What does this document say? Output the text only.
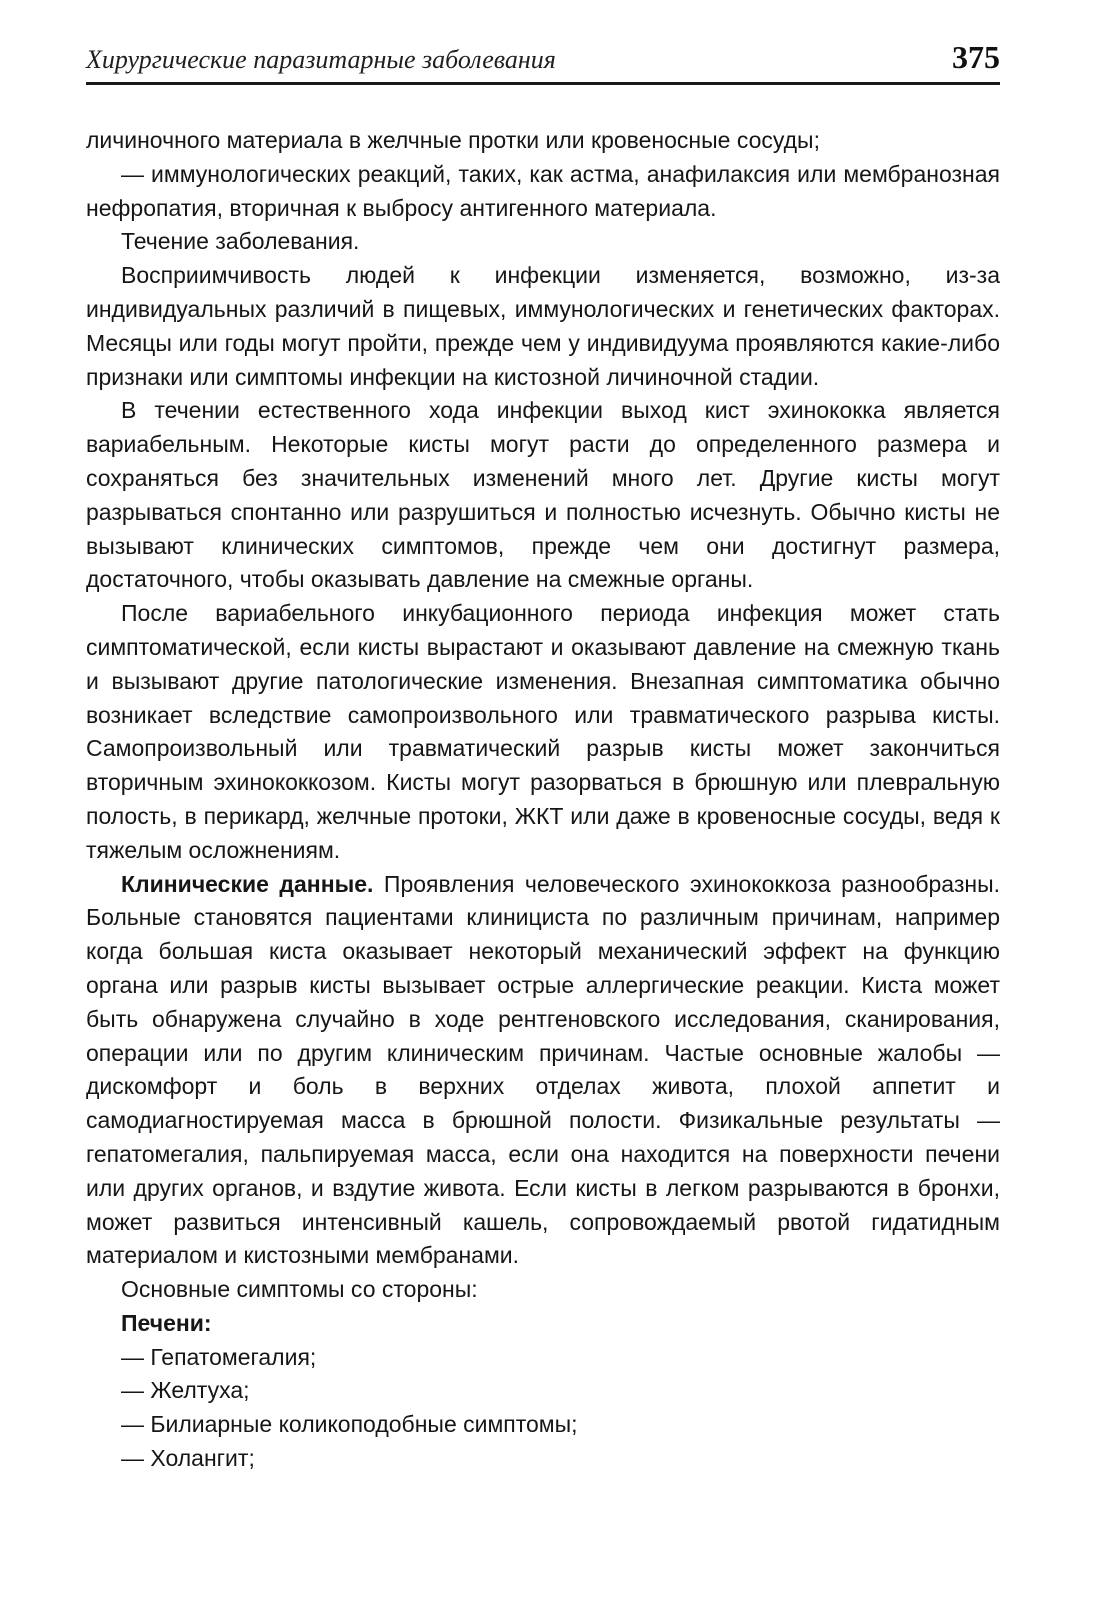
Хирургические паразитарные заболевания	375

личиночного материала в желчные протки или кровеносные сосуды;

— иммунологических реакций, таких, как астма, анафилаксия или мембранозная нефропатия, вторичная к выбросу антигенного материала.

Течение заболевания.

Восприимчивость людей к инфекции изменяется, возможно, из-за индивидуальных различий в пищевых, иммунологических и генетических факторах. Месяцы или годы могут пройти, прежде чем у индивидуума проявляются какие-либо признаки или симптомы инфекции на кистозной личиночной стадии.

В течении естественного хода инфекции выход кист эхинококка является вариабельным. Некоторые кисты могут расти до определенного размера и сохраняться без значительных изменений много лет. Другие кисты могут разрываться спонтанно или разрушиться и полностью исчезнуть. Обычно кисты не вызывают клинических симптомов, прежде чем они достигнут размера, достаточного, чтобы оказывать давление на смежные органы.

После вариабельного инкубационного периода инфекция может стать симптоматической, если кисты вырастают и оказывают давление на смежную ткань и вызывают другие патологические изменения. Внезапная симптоматика обычно возникает вследствие самопроизвольного или травматического разрыва кисты. Самопроизвольный или травматический разрыв кисты может закончиться вторичным эхинококкозом. Кисты могут разорваться в брюшную или плевральную полость, в перикард, желчные протоки, ЖКТ или даже в кровеносные сосуды, ведя к тяжелым осложнениям.

Клинические данные. Проявления человеческого эхинококкоза разнообразны. Больные становятся пациентами клинициста по различным причинам, например когда большая киста оказывает некоторый механический эффект на функцию органа или разрыв кисты вызывает острые аллергические реакции. Киста может быть обнаружена случайно в ходе рентгеновского исследования, сканирования, операции или по другим клиническим причинам. Частые основные жалобы — дискомфорт и боль в верхних отделах живота, плохой аппетит и самодиагностируемая масса в брюшной полости. Физикальные результаты — гепатомегалия, пальпируемая масса, если она находится на поверхности печени или других органов, и вздутие живота. Если кисты в легком разрываются в бронхи, может развиться интенсивный кашель, сопровождаемый рвотой гидатидным материалом и кистозными мембранами.

Основные симптомы со стороны:

Печени:

— Гепатомегалия;

— Желтуха;

— Билиарные коликоподобные симптомы;

— Холангит;
